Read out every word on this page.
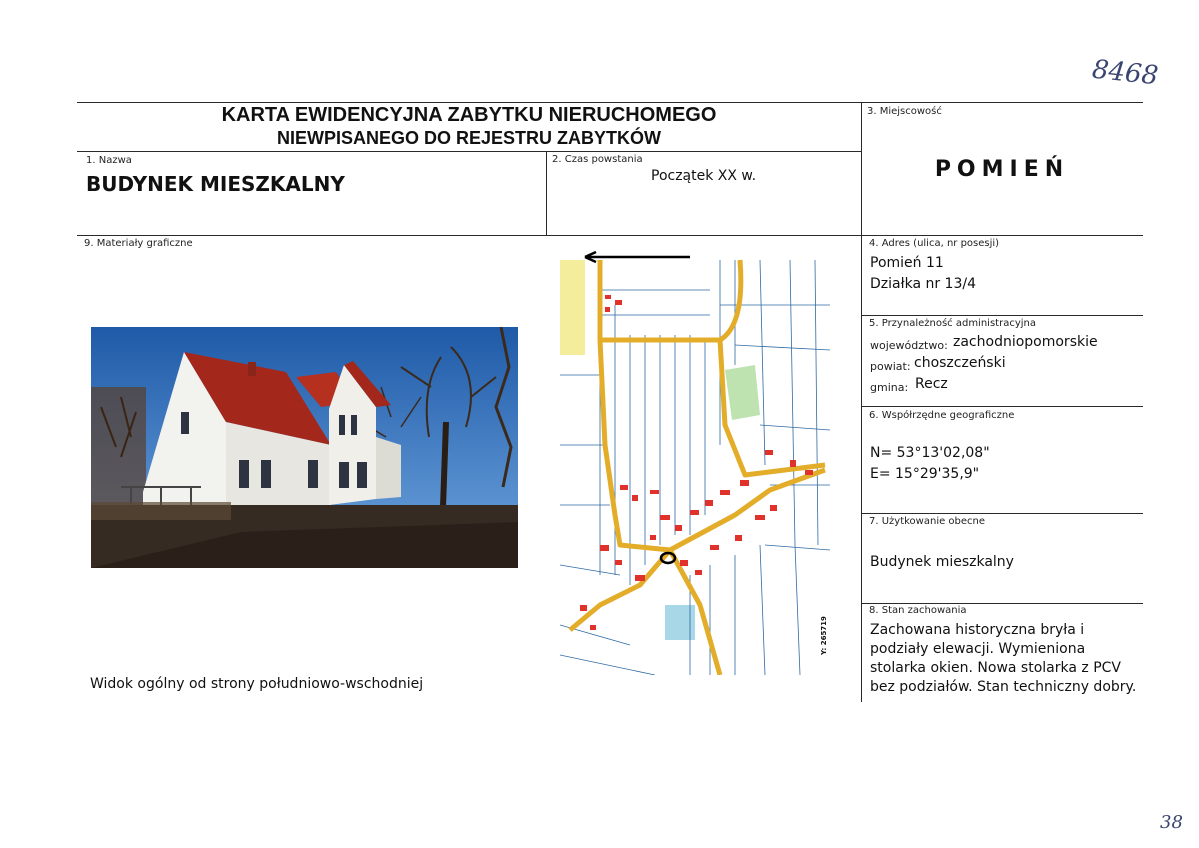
8468
38
KARTA EWIDENCYJNA ZABYTKU NIERUCHOMEGO
NIEWPISANEGO DO REJESTRU ZABYTKÓW
1. Nazwa
BUDYNEK MIESZKALNY
2. Czas powstania
Początek XX w.
3. Miejscowość
POMIEŃ
4. Adres (ulica, nr posesji)
Pomień 11
Działka nr 13/4
5. Przynależność administracyjna
województwo: zachodniopomorskie
powiat: choszczeński
gmina: Recz
6. Współrzędne geograficzne
N= 53°13'02,08"
E= 15°29'35,9"
7. Użytkowanie obecne
Budynek mieszkalny
8. Stan zachowania
Zachowana historyczna bryła i
podziały elewacji. Wymieniona
stolarka okien. Nowa stolarka z PCV
bez podziałów. Stan techniczny dobry.
9. Materiały graficzne
Widok ogólny od strony południowo-wschodniej
Y: 265719
